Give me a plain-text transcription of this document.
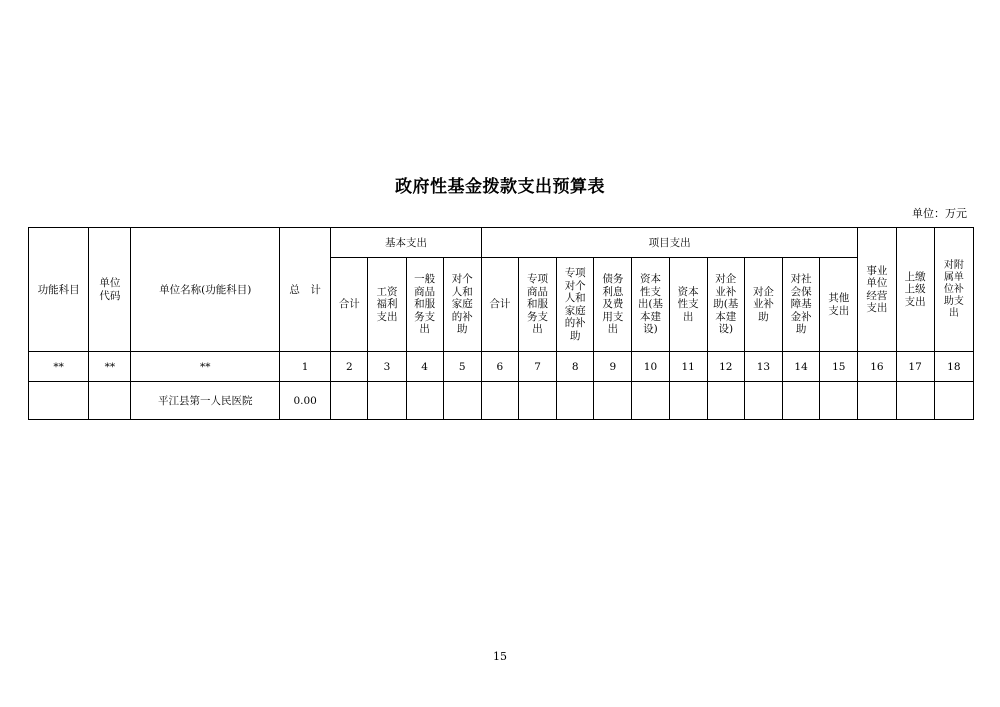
政府性基金拨款支出预算表
单位：万元
功能科目	单位代码	单位名称(功能科目)	总　计	基本支出				项目支出										事业单位经营支出	上缴上级支出	对附属单位补助支出
				合计	工资福利支出	一般商品和服务支出	对个人和家庭的补助	合计	专项商品和服务支出	专项对个人和家庭的补助	债务利息及费用支出	资本性支出(基本建设)	资本性支出	对企业补助(基本建设)	对企业补助	对社会保障基金补助	其他支出			
**	**	**	1	2	3	4	5	6	7	8	9	10	11	12	13	14	15	16	17	18
		平江县第一人民医院	0.00																	
15
